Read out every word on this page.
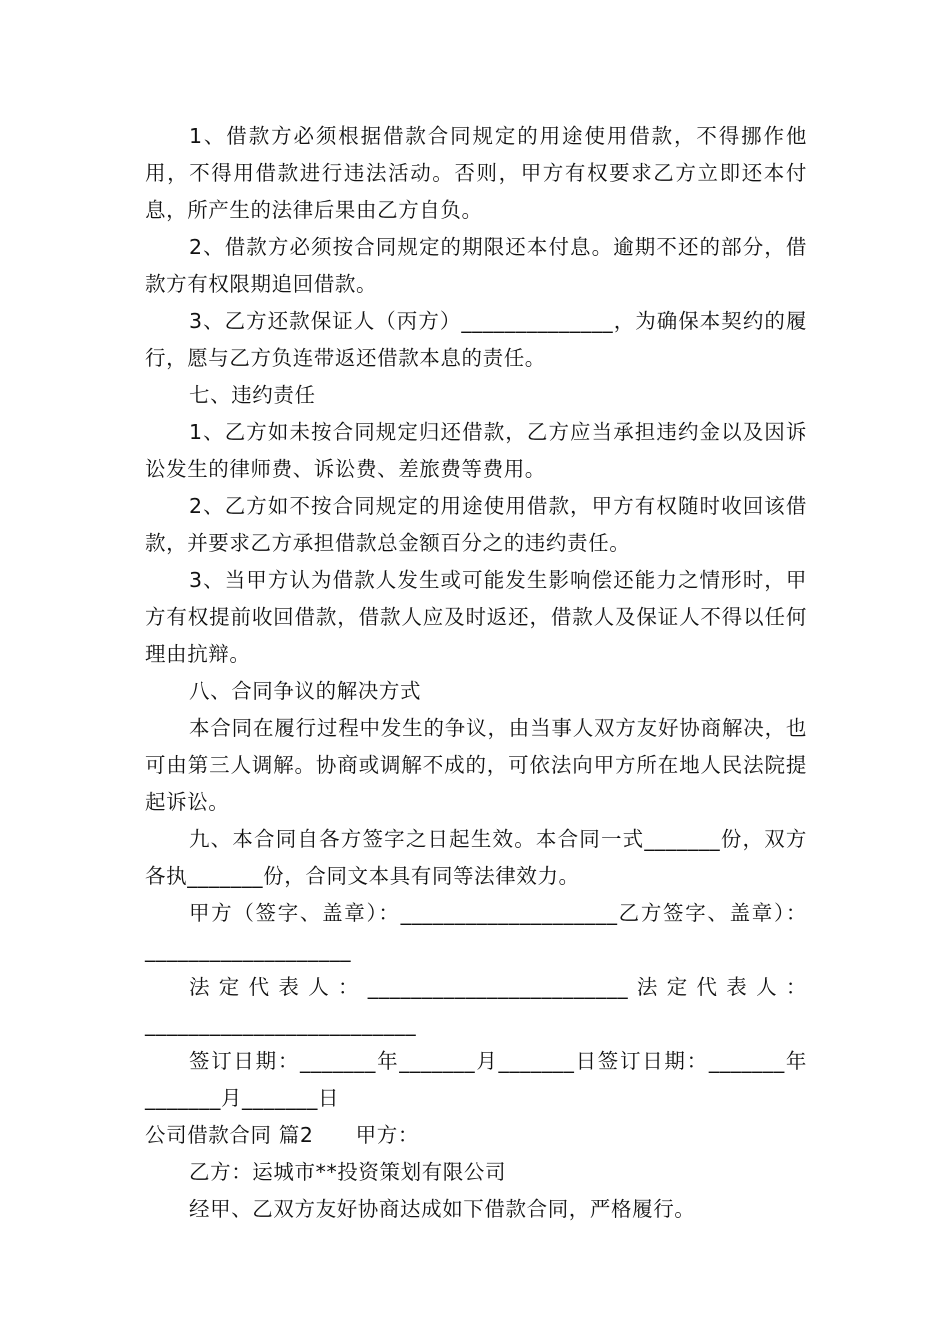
1、借款方必须根据借款合同规定的用途使用借款，不得挪作他用，不得用借款进行违法活动。否则，甲方有权要求乙方立即还本付息，所产生的法律后果由乙方自负。

2、借款方必须按合同规定的期限还本付息。逾期不还的部分，借款方有权限期追回借款。

3、乙方还款保证人（丙方）______________，为确保本契约的履行，愿与乙方负连带返还借款本息的责任。

七、违约责任

1、乙方如未按合同规定归还借款，乙方应当承担违约金以及因诉讼发生的律师费、诉讼费、差旅费等费用。

2、乙方如不按合同规定的用途使用借款，甲方有权随时收回该借款，并要求乙方承担借款总金额百分之的违约责任。

3、当甲方认为借款人发生或可能发生影响偿还能力之情形时，甲方有权提前收回借款，借款人应及时返还，借款人及保证人不得以任何理由抗辩。

八、合同争议的解决方式

本合同在履行过程中发生的争议，由当事人双方友好协商解决，也可由第三人调解。协商或调解不成的，可依法向甲方所在地人民法院提起诉讼。

九、本合同自各方签字之日起生效。本合同一式_______份，双方各执_______份，合同文本具有同等法律效力。

甲方（签字、盖章）：____________________乙方签字、盖章）：___________________

法定代表人：________________________法定代表人：_________________________

签订日期：_______年_______月_______日签订日期：_______年_______月_______日

公司借款合同 篇2　　甲方：

乙方：运城市**投资策划有限公司

经甲、乙双方友好协商达成如下借款合同，严格履行。
